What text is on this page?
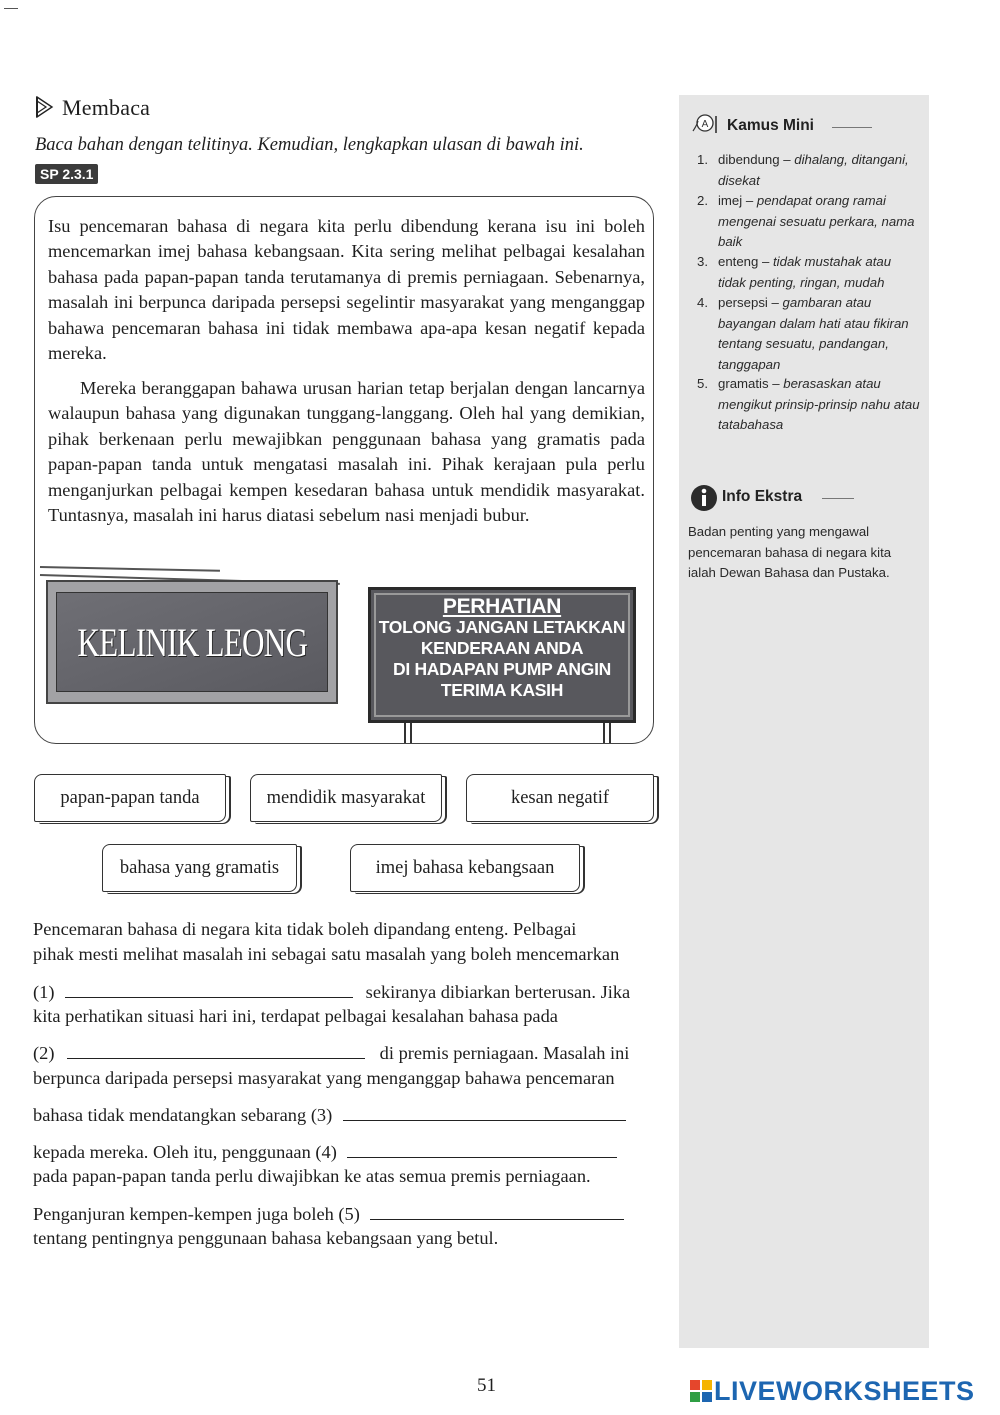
Membaca
Baca bahan dengan telitinya. Kemudian, lengkapkan ulasan di bawah ini.
SP 2.3.1

Isu pencemaran bahasa di negara kita perlu dibendung kerana isu ini boleh mencemarkan imej bahasa kebangsaan. Kita sering melihat pelbagai kesalahan bahasa pada papan-papan tanda terutamanya di premis perniagaan. Sebenarnya, masalah ini berpunca daripada persepsi segelintir masyarakat yang menganggap bahawa pencemaran bahasa ini tidak membawa apa-apa kesan negatif kepada mereka.

Mereka beranggapan bahawa urusan harian tetap berjalan dengan lancarnya walaupun bahasa yang digunakan tunggang-langgang. Oleh hal yang demikian, pihak berkenaan perlu mewajibkan penggunaan bahasa yang gramatis pada papan-papan tanda untuk mengatasi masalah ini. Pihak kerajaan pula perlu menganjurkan pelbagai kempen kesedaran bahasa untuk mendidik masyarakat. Tuntasnya, masalah ini harus diatasi sebelum nasi menjadi bubur.

KELINIK LEONG
PERHATIAN
TOLONG JANGAN LETAKKAN
KENDERAAN ANDA
DI HADAPAN PUMP ANGIN
TERIMA KASIH
papan-papan tanda	mendidik masyarakat	kesan negatif
bahasa yang gramatis	imej bahasa kebangsaan
Pencemaran bahasa di negara kita tidak boleh dipandang enteng. Pelbagai
pihak mesti melihat masalah ini sebagai satu masalah yang boleh mencemarkan
(1)	sekiranya dibiarkan berterusan. Jika
kita perhatikan situasi hari ini, terdapat pelbagai kesalahan bahasa pada
(2)	di premis perniagaan. Masalah ini
berpunca daripada persepsi masyarakat yang menganggap bahawa pencemaran
bahasa tidak mendatangkan sebarang (3)
kepada mereka. Oleh itu, penggunaan (4)
pada papan-papan tanda perlu diwajibkan ke atas semua premis perniagaan.
Penganjuran kempen-kempen juga boleh (5)
tentang pentingnya penggunaan bahasa kebangsaan yang betul.
A Kamus Mini
1. dibendung – dihalang, ditangani, disekat
2. imej – pendapat orang ramai mengenai sesuatu perkara, nama baik
3. enteng – tidak mustahak atau tidak penting, ringan, mudah
4. persepsi – gambaran atau bayangan dalam hati atau fikiran tentang sesuatu, pandangan, tanggapan
5. gramatis – berasaskan atau mengikut prinsip-prinsip nahu atau tatabahasa
Info Ekstra
Badan penting yang mengawal pencemaran bahasa di negara kita ialah Dewan Bahasa dan Pustaka.
51	LIVEWORKSHEETS
